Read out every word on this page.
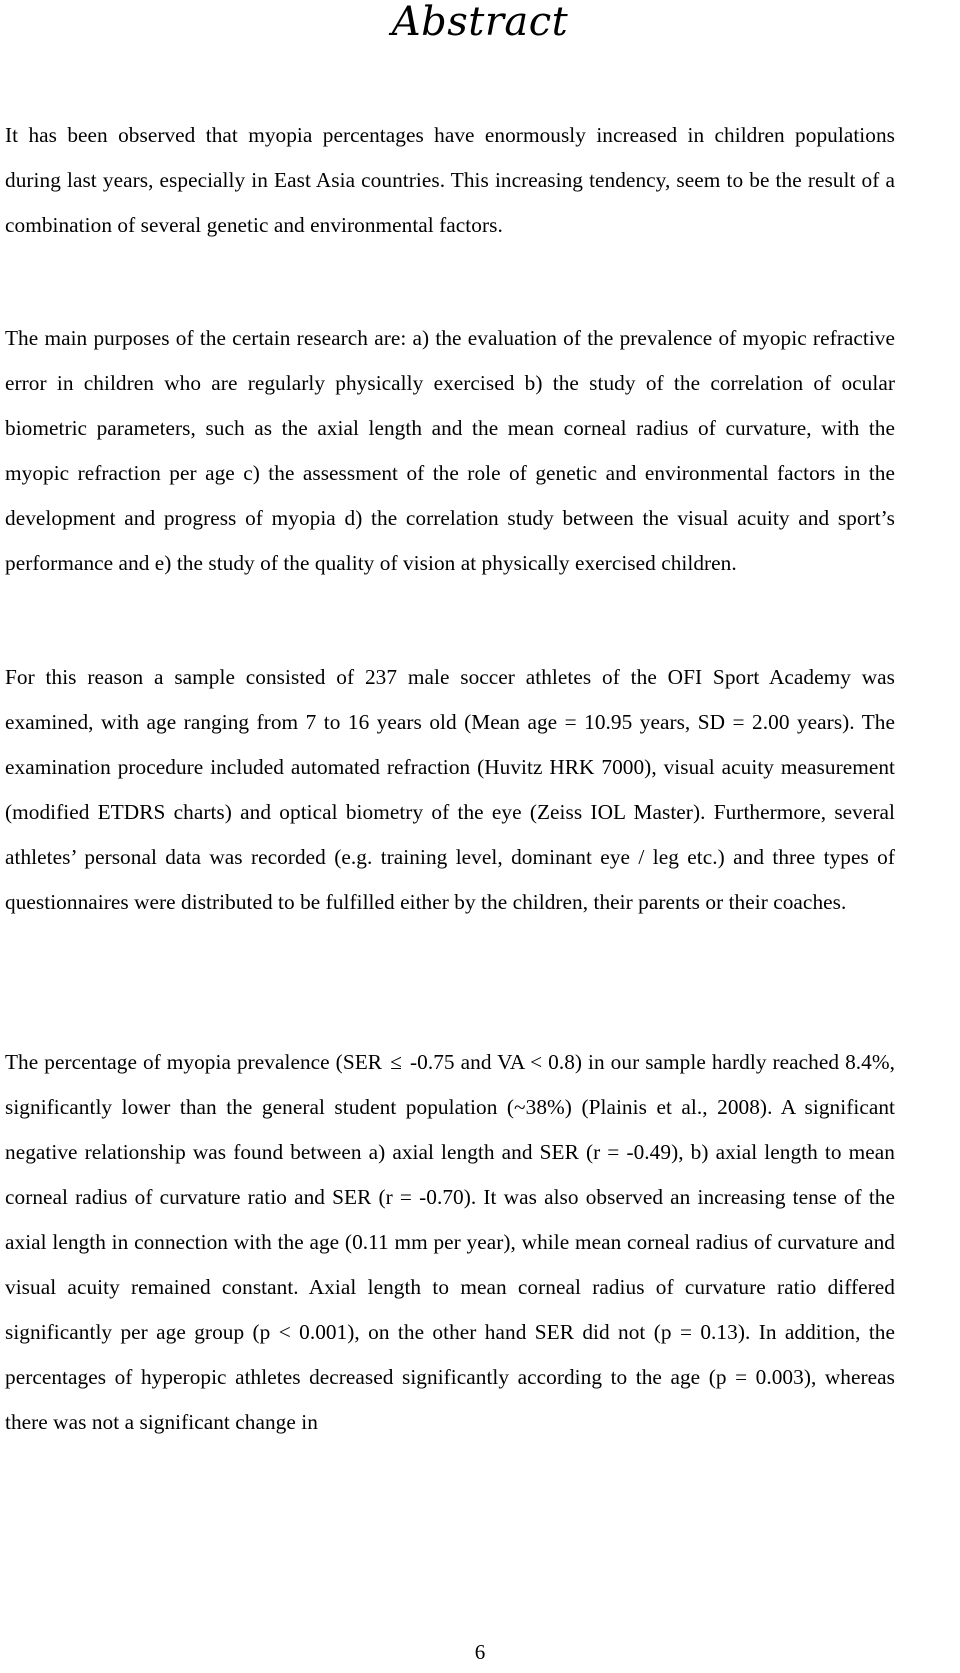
Abstract

It has been observed that myopia percentages have enormously increased in children populations during last years, especially in East Asia countries. This increasing tendency, seem to be the result of a combination of several genetic and environmental factors.

The main purposes of the certain research are: a) the evaluation of the prevalence of myopic refractive error in children who are regularly physically exercised b) the study of the correlation of ocular biometric parameters, such as the axial length and the mean corneal radius of curvature, with the myopic refraction per age c) the assessment of the role of genetic and environmental factors in the development and progress of myopia d) the correlation study between the visual acuity and sport’s performance and e) the study of the quality of vision at physically exercised children.

For this reason a sample consisted of 237 male soccer athletes of the OFI Sport Academy was examined, with age ranging from 7 to 16 years old (Mean age = 10.95 years, SD = 2.00 years). The examination procedure included automated refraction (Huvitz HRK 7000), visual acuity measurement (modified ETDRS charts) and optical biometry of the eye (Zeiss IOL Master). Furthermore, several athletes’ personal data was recorded (e.g. training level, dominant eye / leg etc.) and three types of questionnaires were distributed to be fulfilled either by the children, their parents or their coaches.

The percentage of myopia prevalence (SER ≤ -0.75 and VA < 0.8) in our sample hardly reached 8.4%, significantly lower than the general student population (~38%) (Plainis et al., 2008). A significant negative relationship was found between a) axial length and SER (r = -0.49), b) axial length to mean corneal radius of curvature ratio and SER (r = -0.70). It was also observed an increasing tense of the axial length in connection with the age (0.11 mm per year), while mean corneal radius of curvature and visual acuity remained constant. Axial length to mean corneal radius of curvature ratio differed significantly per age group (p < 0.001), on the other hand SER did not (p = 0.13). In addition, the percentages of hyperopic athletes decreased significantly according to the age (p = 0.003), whereas there was not a significant change in

6
